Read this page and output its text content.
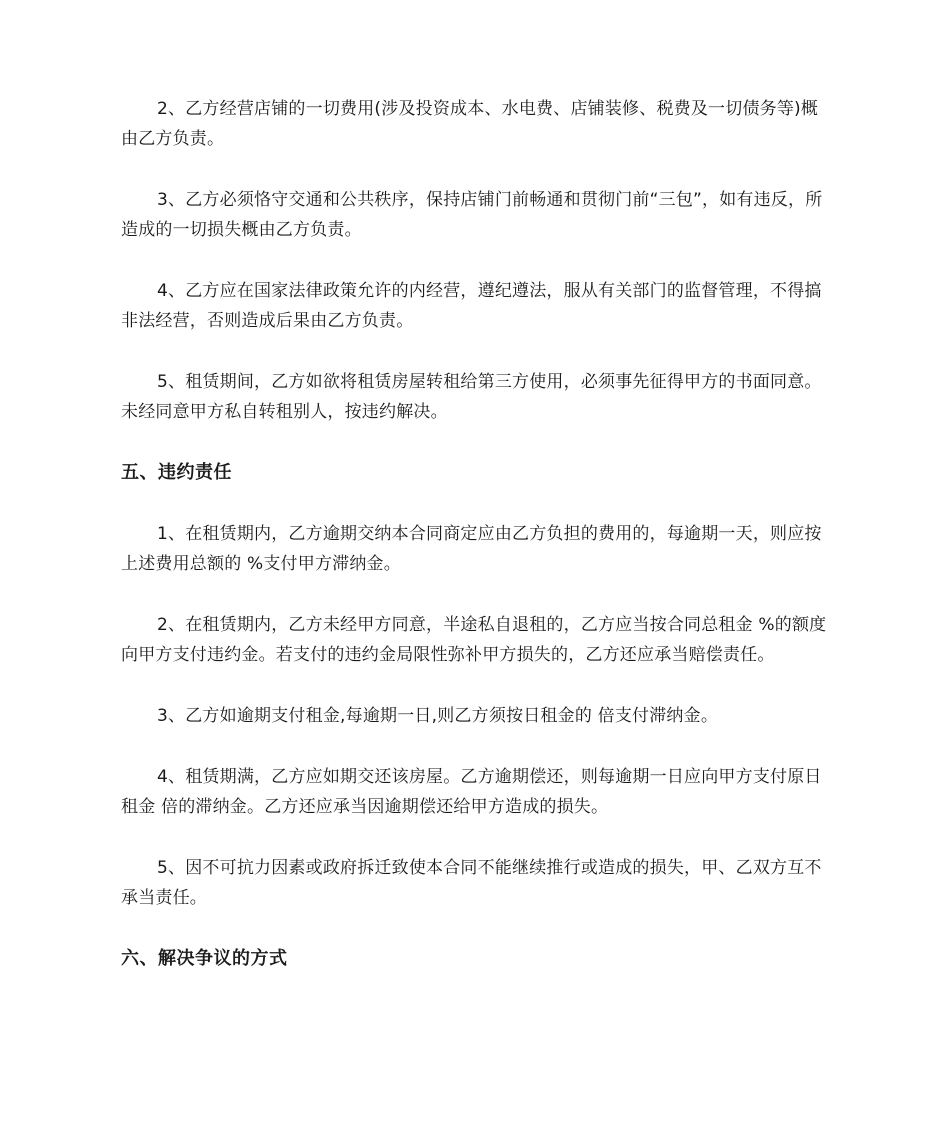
2、乙方经营店铺的一切费用(涉及投资成本、水电费、店铺装修、税费及一切债务等)概由乙方负责。

3、乙方必须恪守交通和公共秩序，保持店铺门前畅通和贯彻门前“三包”，如有违反，所造成的一切损失概由乙方负责。

4、乙方应在国家法律政策允许的内经营，遵纪遵法，服从有关部门的监督管理，不得搞非法经营，否则造成后果由乙方负责。

5、租赁期间，乙方如欲将租赁房屋转租给第三方使用，必须事先征得甲方的书面同意。未经同意甲方私自转租别人，按违约解决。

五、违约责任

1、在租赁期内，乙方逾期交纳本合同商定应由乙方负担的费用的，每逾期一天，则应按上述费用总额的 %支付甲方滞纳金。

2、在租赁期内，乙方未经甲方同意，半途私自退租的，乙方应当按合同总租金 %的额度向甲方支付违约金。若支付的违约金局限性弥补甲方损失的，乙方还应承当赔偿责任。

3、乙方如逾期支付租金,每逾期一日,则乙方须按日租金的 倍支付滞纳金。

4、租赁期满，乙方应如期交还该房屋。乙方逾期偿还，则每逾期一日应向甲方支付原日租金 倍的滞纳金。乙方还应承当因逾期偿还给甲方造成的损失。

5、因不可抗力因素或政府拆迁致使本合同不能继续推行或造成的损失，甲、乙双方互不承当责任。

六、解决争议的方式
